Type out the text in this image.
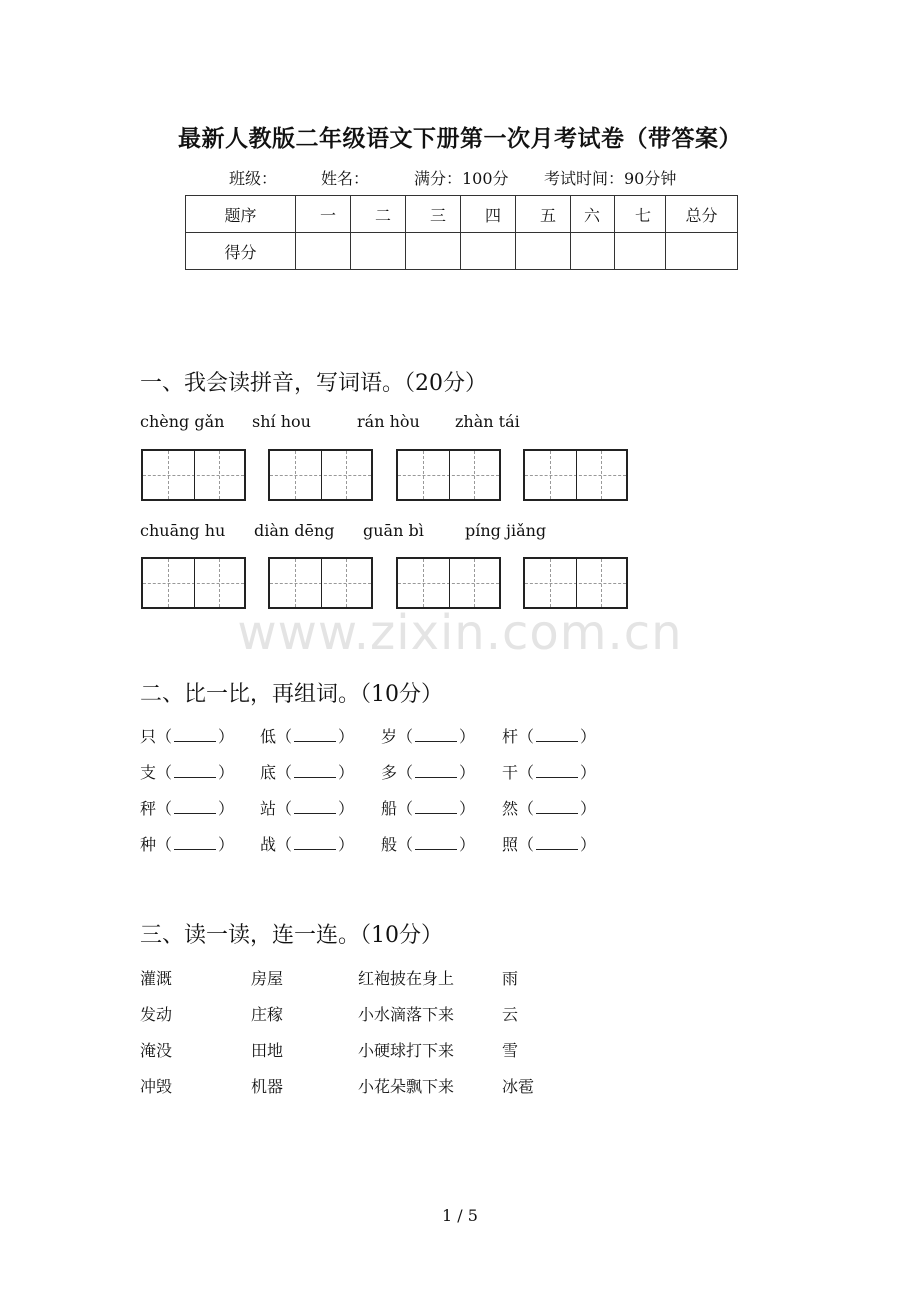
最新人教版二年级语文下册第一次月考试卷（带答案）
班级：	姓名：	满分：100分 考试时间：90分钟
题序	一	二	三	四	五	六	七	总分
得分								
一、我会读拼音，写词语。（20分）
chèng gǎn shí hou	rán hòu zhàn tái
chuāng hu diàn dēng guān bì	píng jiǎng
www.zixin.com.cn
二、比一比，再组词。（10分）
只（	） 低（	） 岁（	） 杆（	）
支（	） 底（	） 多（	） 干（	）
秤（	） 站（	） 船（	） 然（	）
种（	） 战（	） 般（	） 照（	）
三、读一读，连一连。（10分）
灌溉	房屋	红袍披在身上	雨
发动	庄稼	小水滴落下来	云
淹没	田地	小硬球打下来	雪
冲毁	机器	小花朵飘下来	冰雹
1 / 5
